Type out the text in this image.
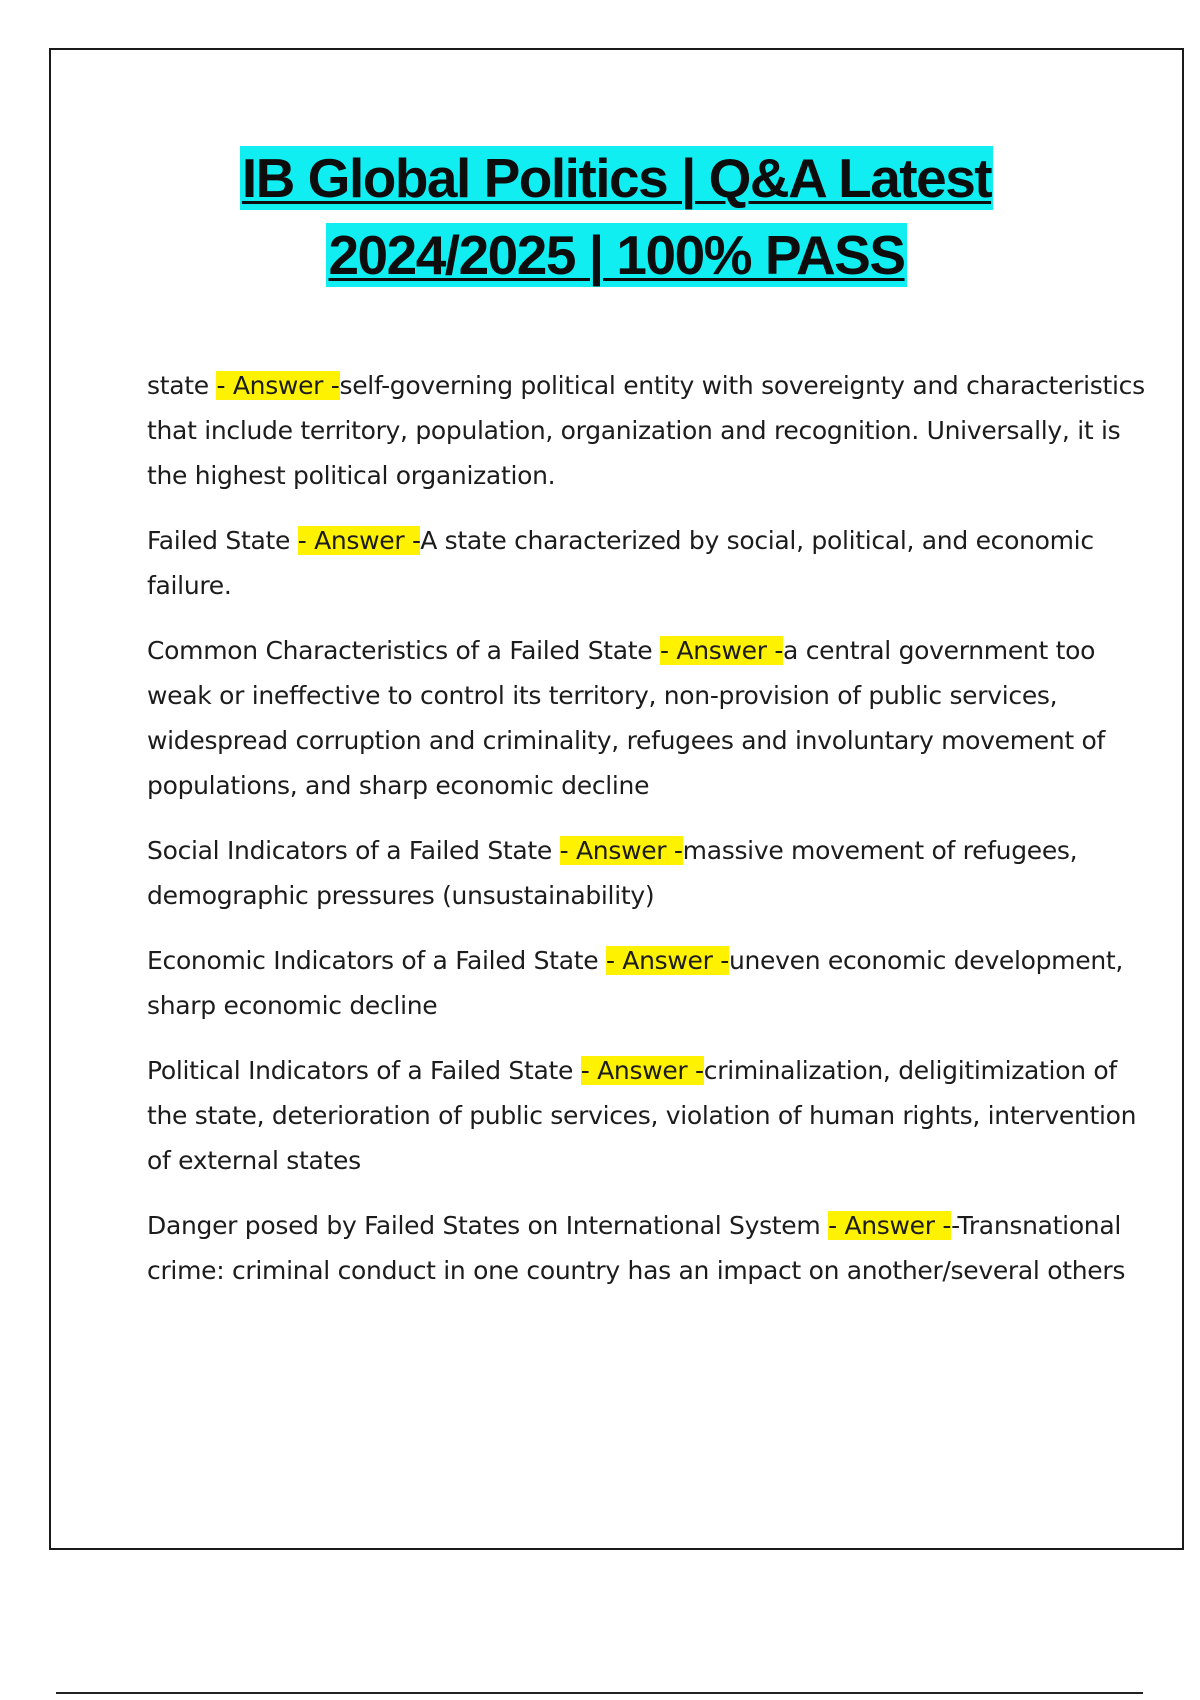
IB Global Politics | Q&A Latest
2024/2025 | 100% PASS

state - Answer -self-governing political entity with sovereignty and characteristics that include territory, population, organization and recognition. Universally, it is the highest political organization.

Failed State - Answer -A state characterized by social, political, and economic failure.

Common Characteristics of a Failed State - Answer -a central government too weak or ineffective to control its territory, non-provision of public services, widespread corruption and criminality, refugees and involuntary movement of populations, and sharp economic decline

Social Indicators of a Failed State - Answer -massive movement of refugees, demographic pressures (unsustainability)

Economic Indicators of a Failed State - Answer -uneven economic development, sharp economic decline

Political Indicators of a Failed State - Answer -criminalization, deligitimization of the state, deterioration of public services, violation of human rights, intervention of external states

Danger posed by Failed States on International System - Answer --Transnational crime: criminal conduct in one country has an impact on another/several others
